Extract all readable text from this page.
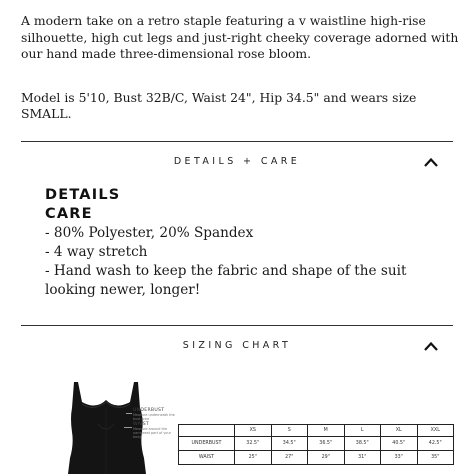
A modern take on a retro staple featuring a v waistline high-rise silhouette, high cut legs and just-right cheeky coverage adorned with our hand made three-dimensional rose bloom.

Model is 5'10, Bust 32B/C, Waist 24", Hip 34.5" and wears size SMALL.

DETAILS + CARE
DETAILS
CARE
- 80% Polyester, 20% Spandex
- 4 way stretch
- Hand wash to keep the fabric and shape of the suit looking newer, longer!
SIZING CHART
UNDERBUST
Measure underneath the bust area
WAIST
Measure around the narrowest part of your body
	XS	S	M	L	XL	XXL
UNDERBUST	32.5"	34.5"	36.5"	38.5"	40.5"	42.5"
WAIST	25"	27"	29"	31"	33"	35"
